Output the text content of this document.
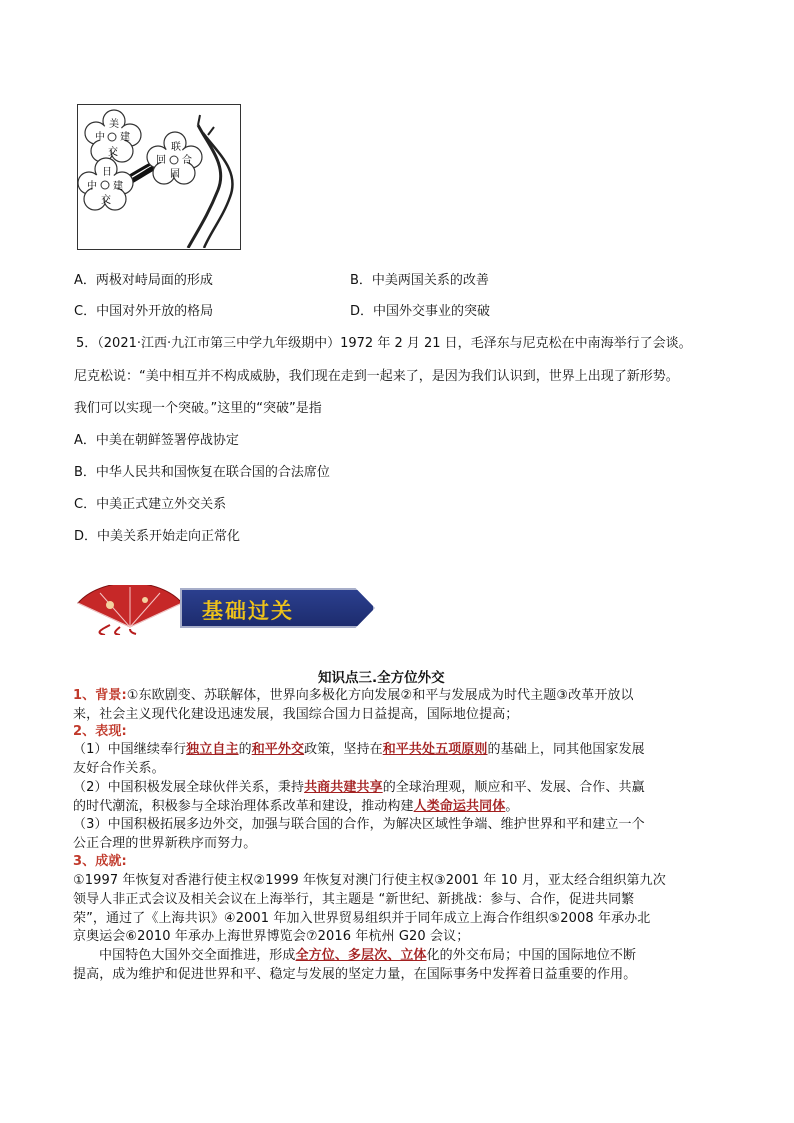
美
中 建
交	联
回 合
国
日
中 建
交
A．两极对峙局面的形成	B．中美两国关系的改善
C．中国对外开放的格局	D．中国外交事业的突破
5．（2021·江西·九江市第三中学九年级期中）1972 年 2 月 21 日，毛泽东与尼克松在中南海举行了会谈。
尼克松说：“美中相互并不构成威胁，我们现在走到一起来了，是因为我们认识到，世界上出现了新形势。
我们可以实现一个突破。”这里的“突破”是指
A．中美在朝鲜签署停战协定
B．中华人民共和国恢复在联合国的合法席位
C．中美正式建立外交关系
D．中美关系开始走向正常化
基础过关
知识点三.全方位外交
1、背景:①东欧剧变、苏联解体，世界向多极化方向发展②和平与发展成为时代主题③改革开放以
来，社会主义现代化建设迅速发展，我国综合国力日益提高，国际地位提高；
2、表现:
（1）中国继续奉行独立自主的和平外交政策，坚持在和平共处五项原则的基础上，同其他国家发展
友好合作关系。
（2）中国积极发展全球伙伴关系，秉持共商共建共享的全球治理观，顺应和平、发展、合作、共赢
的时代潮流，积极参与全球治理体系改革和建设，推动构建人类命运共同体。
（3）中国积极拓展多边外交，加强与联合国的合作，为解决区域性争端、维护世界和平和建立一个
公正合理的世界新秩序而努力。
3、成就:
①1997 年恢复对香港行使主权②1999 年恢复对澳门行使主权③2001 年 10 月，亚太经合组织第九次
领导人非正式会议及相关会议在上海举行，其主题是 “新世纪、新挑战：参与、合作，促进共同繁
荣”，通过了《上海共识》④2001 年加入世界贸易组织并于同年成立上海合作组织⑤2008 年承办北
京奥运会⑥2010 年承办上海世界博览会⑦2016 年杭州 G20 会议；
中国特色大国外交全面推进，形成全方位、多层次、立体化的外交布局；中国的国际地位不断
提高，成为维护和促进世界和平、稳定与发展的坚定力量，在国际事务中发挥着日益重要的作用。
